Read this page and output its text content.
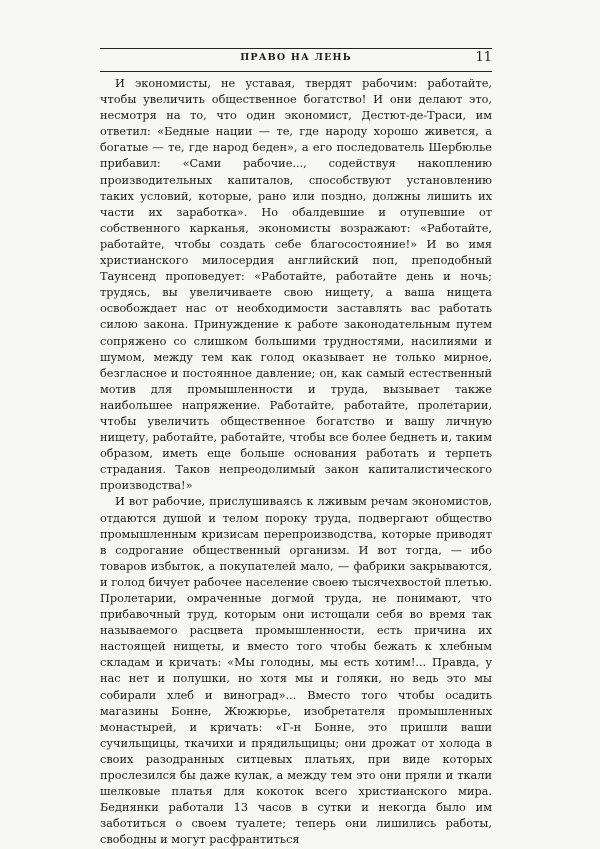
ПРАВО НА ЛЕНЬ	11

И экономисты, не уставая, твердят рабочим: работайте, чтобы увеличить общественное богатство! И они делают это, несмотря на то, что один экономист, Дестют-де-Траси, им ответил: «Бедные нации — те, где народу хорошо живется, а богатые — те, где народ беден», а его последователь Шербюлье прибавил: «Сами рабочие..., содействуя накоплению производительных капиталов, способствуют установлению таких условий, которые, рано или поздно, должны лишить их части их заработка». Но обалдевшие и отупевшие от собственного карканья, экономисты возражают: «Работайте, работайте, чтобы создать себе благосостояние!» И во имя христианского милосердия английский поп, преподобный Таунсенд проповедует: «Работайте, работайте день и ночь; трудясь, вы увеличиваете свою нищету, а ваша нищета освобождает нас от необходимости заставлять вас работать силою закона. Принуждение к работе законодательным путем сопряжено со слишком большими трудностями, насилиями и шумом, между тем как голод оказывает не только мирное, безгласное и постоянное давление; он, как самый естественный мотив для промышленности и труда, вызывает также наибольшее напряжение. Работайте, работайте, пролетарии, чтобы увеличить общественное богатство и вашу личную нищету, работайте, работайте, чтобы все более беднеть и, таким образом, иметь еще больше основания работать и терпеть страдания. Таков непреодолимый закон капиталистического производства!»

И вот рабочие, прислушиваясь к лживым речам экономистов, отдаются душой и телом пороку труда, подвергают общество промышленным кризисам перепроизводства, которые приводят в содрогание общественный организм. И вот тогда, — ибо товаров избыток, а покупателей мало, — фабрики закрываются, и голод бичует рабочее население своею тысячехвостой плетью. Пролетарии, омраченные догмой труда, не понимают, что прибавочный труд, которым они истощали себя во время так называемого расцвета промышленности, есть причина их настоящей нищеты, и вместо того чтобы бежать к хлебным складам и кричать: «Мы голодны, мы есть хотим!... Правда, у нас нет и полушки, но хотя мы и голяки, но ведь это мы собирали хлеб и виноград»... Вместо того чтобы осадить магазины Бонне, Жюжюрье, изобретателя промышленных монастырей, и кричать: «Г-н Бонне, это пришли ваши сучильщицы, ткачихи и прядильщицы; они дрожат от холода в своих разодранных ситцевых платьях, при виде которых прослезился бы даже кулак, а между тем это они пряли и ткали шелковые платья для кокоток всего христианского мира. Беднянки работали 13 часов в сутки и некогда было им заботиться о своем туалете; теперь они лишились работы, свободны и могут расфрантиться
